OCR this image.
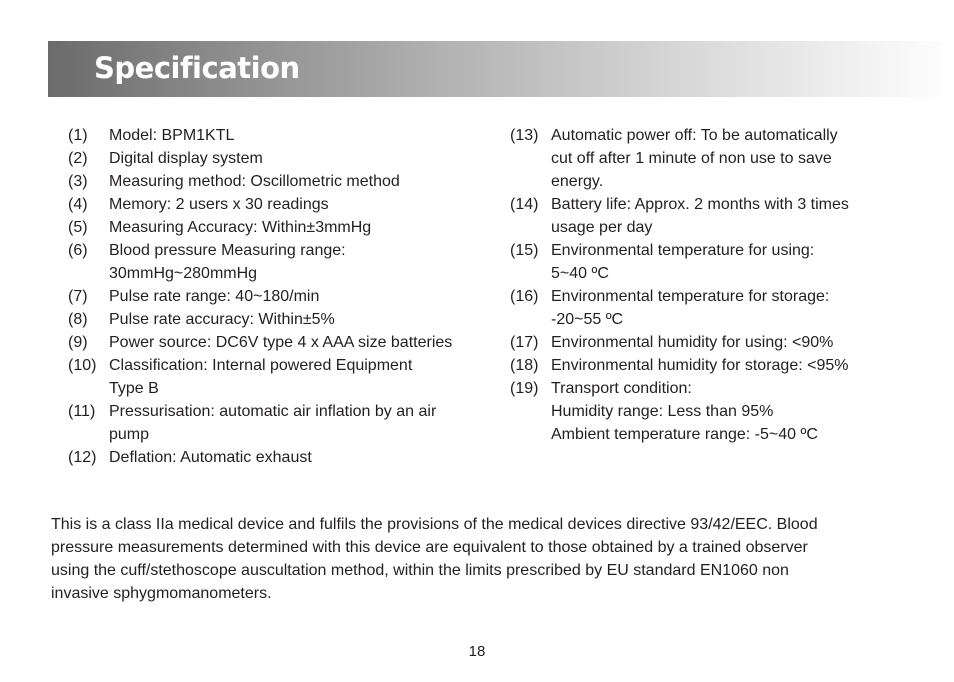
Specification
(1)	Model: BPM1KTL
(2)	Digital display system
(3)	Measuring method: Oscillometric method
(4)	Memory: 2 users x 30 readings
(5)	Measuring Accuracy: Within±3mmHg
(6)	Blood pressure Measuring range:
30mmHg~280mmHg
(7)	Pulse rate range: 40~180/min
(8)	Pulse rate accuracy: Within±5%
(9)	Power source: DC6V type 4 x AAA size batteries
(10) Classification: Internal powered Equipment
Type B
(11) Pressurisation: automatic air inflation by an air
pump
(12) Deflation: Automatic exhaust
(13) Automatic power off: To be automatically
cut off after 1 minute of non use to save
energy.
(14) Battery life: Approx. 2 months with 3 times
usage per day
(15) Environmental temperature for using:
5~40 ºC
(16) Environmental temperature for storage:
-20~55 ºC
(17) Environmental humidity for using: <90%
(18) Environmental humidity for storage: <95%
(19) Transport condition:
Humidity range: Less than 95%
Ambient temperature range: -5~40 ºC
This is a class IIa medical device and fulfils the provisions of the medical devices directive 93/42/EEC. Blood
pressure measurements determined with this device are equivalent to those obtained by a trained observer
using the cuff/stethoscope auscultation method, within the limits prescribed by EU standard EN1060 non
invasive sphygmomanometers.
18
